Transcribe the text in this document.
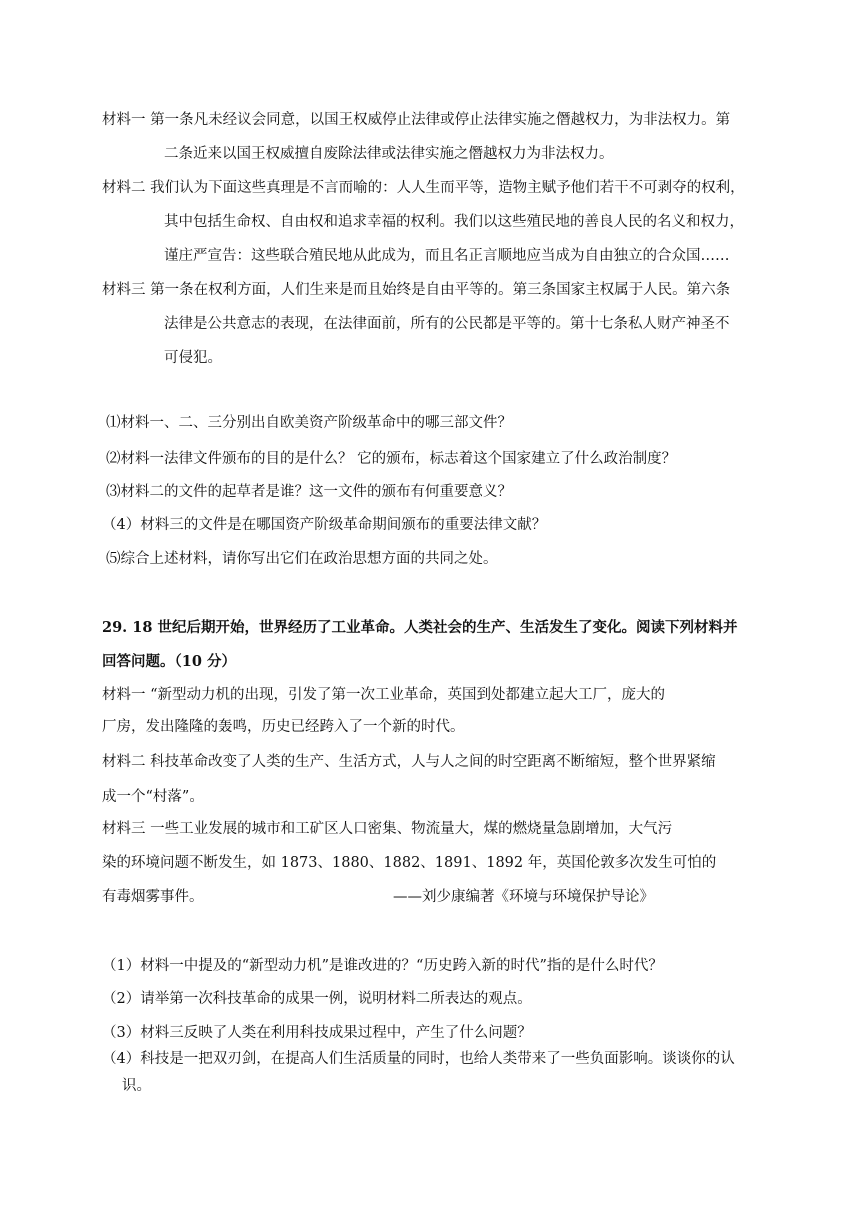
材料一 第一条凡未经议会同意，以国王权威停止法律或停止法律实施之僭越权力，为非法权力。第
二条近来以国王权威擅自废除法律或法律实施之僭越权力为非法权力。
材料二 我们认为下面这些真理是不言而喻的：人人生而平等，造物主赋予他们若干不可剥夺的权利，
其中包括生命权、自由权和追求幸福的权利。我们以这些殖民地的善良人民的名义和权力，
谨庄严宣告：这些联合殖民地从此成为，而且名正言顺地应当成为自由独立的合众国……
材料三 第一条在权利方面，人们生来是而且始终是自由平等的。第三条国家主权属于人民。第六条
法律是公共意志的表现，在法律面前，所有的公民都是平等的。第十七条私人财产神圣不
可侵犯。
⑴材料一、二、三分别出自欧美资产阶级革命中的哪三部文件？
⑵材料一法律文件颁布的目的是什么？ 它的颁布，标志着这个国家建立了什么政治制度？
⑶材料二的文件的起草者是谁？这一文件的颁布有何重要意义？
（4）材料三的文件是在哪国资产阶级革命期间颁布的重要法律文献？
⑸综合上述材料，请你写出它们在政治思想方面的共同之处。
29. 18 世纪后期开始，世界经历了工业革命。人类社会的生产、生活发生了变化。阅读下列材料并
回答问题。（10 分）
材料一 “新型动力机的出现，引发了第一次工业革命，英国到处都建立起大工厂，庞大的
厂房，发出隆隆的轰鸣，历史已经跨入了一个新的时代。
材料二 科技革命改变了人类的生产、生活方式，人与人之间的时空距离不断缩短，整个世界紧缩
成一个“村落”。
材料三 一些工业发展的城市和工矿区人口密集、物流量大，煤的燃烧量急剧增加，大气污
染的环境问题不断发生，如 1873、1880、1882、1891、1892 年，英国伦敦多次发生可怕的
有毒烟雾事件。	——刘少康编著《环境与环境保护导论》
（1）材料一中提及的“新型动力机”是谁改进的？“历史跨入新的时代”指的是什么时代？
（2）请举第一次科技革命的成果一例，说明材料二所表达的观点。
（3）材料三反映了人类在利用科技成果过程中，产生了什么问题？
（4）科技是一把双刃剑，在提高人们生活质量的同时，也给人类带来了一些负面影响。谈谈你的认
识。
